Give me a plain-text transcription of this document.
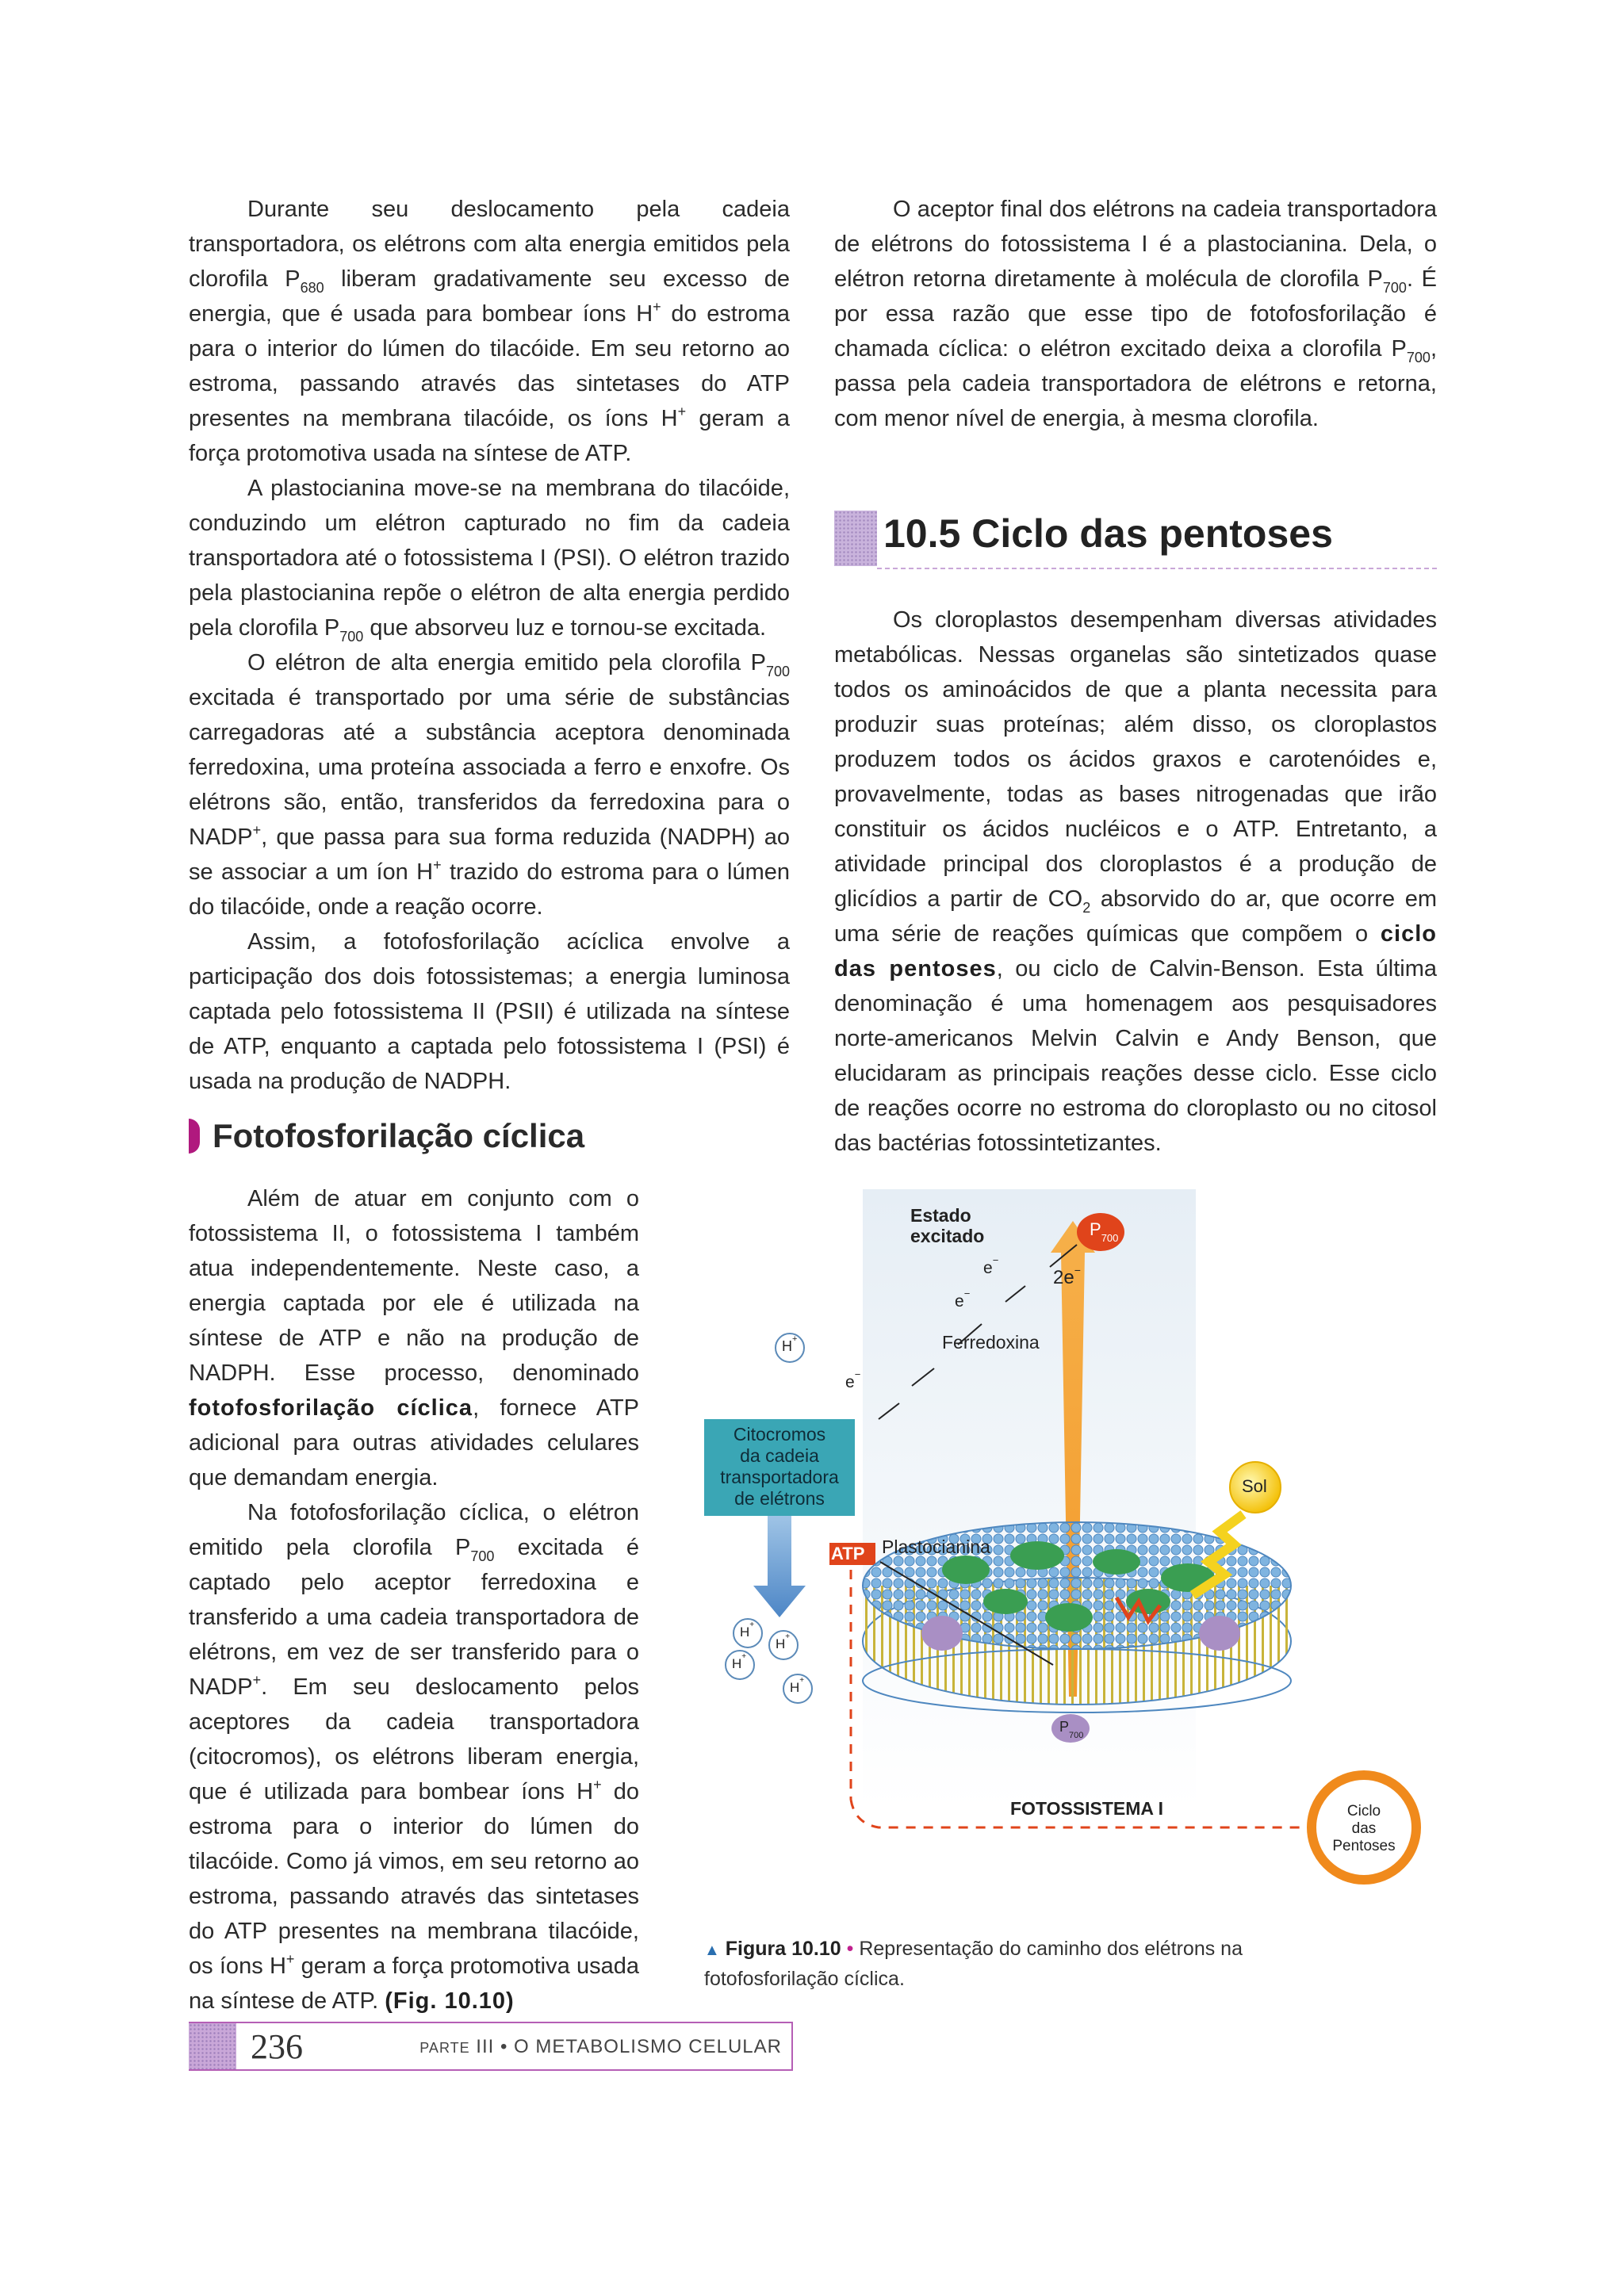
Durante seu deslocamento pela cadeia transportadora, os elétrons com alta energia emitidos pela clorofila $P_{680}$ liberam gradativamente seu excesso de energia, que é usada para bombear íons H+ do estroma para o interior do lúmen do tilacóide. Em seu retorno ao estroma, passando através das sintetases do ATP presentes na membrana tilacóide, os íons H+ geram a força protomotiva usada na síntese de ATP.

A plastocianina move-se na membrana do tilacóide, conduzindo um elétron capturado no fim da cadeia transportadora até o fotossistema I (PSI). O elétron trazido pela plastocianina repõe o elétron de alta energia perdido pela clorofila $P_{700}$ que absorveu luz e tornou-se excitada.

O elétron de alta energia emitido pela clorofila $P_{700}$ excitada é transportado por uma série de substâncias carregadoras até a substância aceptora denominada ferredoxina, uma proteína associada a ferro e enxofre. Os elétrons são, então, transferidos da ferredoxina para o NADP+, que passa para sua forma reduzida (NADPH) ao se associar a um íon H+ trazido do estroma para o lúmen do tilacóide, onde a reação ocorre.

Assim, a fotofosforilação acíclica envolve a participação dos dois fotossistemas; a energia luminosa captada pelo fotossistema II (PSII) é utilizada na síntese de ATP, enquanto a captada pelo fotossistema I (PSI) é usada na produção de NADPH.

Fotofosforilação cíclica

Além de atuar em conjunto com o fotossistema II, o fotossistema I também atua independentemente. Neste caso, a energia captada por ele é utilizada na síntese de ATP e não na produção de NADPH. Esse processo, denominado fotofosforilação cíclica, fornece ATP adicional para outras atividades celulares que demandam energia.

Na fotofosforilação cíclica, o elétron emitido pela clorofila $P_{700}$ excitada é captado pelo aceptor ferredoxina e transferido a uma cadeia transportadora de elétrons, em vez de ser transferido para o NADP+. Em seu deslocamento pelos aceptores da cadeia transportadora (citocromos), os elétrons liberam energia, que é utilizada para bombear íons H+ do estroma para o interior do lúmen do tilacóide. Como já vimos, em seu retorno ao estroma, passando através das sintetases do ATP presentes na membrana tilacóide, os íons H+ geram a força protomotiva usada na síntese de ATP. (Fig. 10.10)

O aceptor final dos elétrons na cadeia transportadora de elétrons do fotossistema I é a plastocianina. Dela, o elétron retorna diretamente à molécula de clorofila $P_{700}$. É por essa razão que esse tipo de fotofosforilação é chamada cíclica: o elétron excitado deixa a clorofila $P_{700}$, passa pela cadeia transportadora de elétrons e retorna, com menor nível de energia, à mesma clorofila.

10.5 Ciclo das pentoses

Os cloroplastos desempenham diversas atividades metabólicas. Nessas organelas são sintetizados quase todos os aminoácidos de que a planta necessita para produzir suas proteínas; além disso, os cloroplastos produzem todos os ácidos graxos e carotenóides e, provavelmente, todas as bases nitrogenadas que irão constituir os ácidos nucléicos e o ATP. Entretanto, a atividade principal dos cloroplastos é a produção de glicídios a partir de $CO_2$ absorvido do ar, que ocorre em uma série de reações químicas que compõem o ciclo das pentoses, ou ciclo de Calvin-Benson. Esta última denominação é uma homenagem aos pesquisadores norte-americanos Melvin Calvin e Andy Benson, que elucidaram as principais reações desse ciclo. Esse ciclo de reações ocorre no estroma do cloroplasto ou no citosol das bactérias fotossintetizantes.

Estado
excitado	$P_{700}$
2e−
e−
e−
Ferredoxina
e−
H+
Citocromos
da cadeia
transportadora
de elétrons
Sol
ATP Plastocianina
H+
H+
H+
H+
$P_{700}$
FOTOSSISTEMA I	Ciclo
das
Pentoses
▲ Figura 10.10 • Representação do caminho dos elétrons na fotofosforilação cíclica.
236	PARTE III • O METABOLISMO CELULAR
